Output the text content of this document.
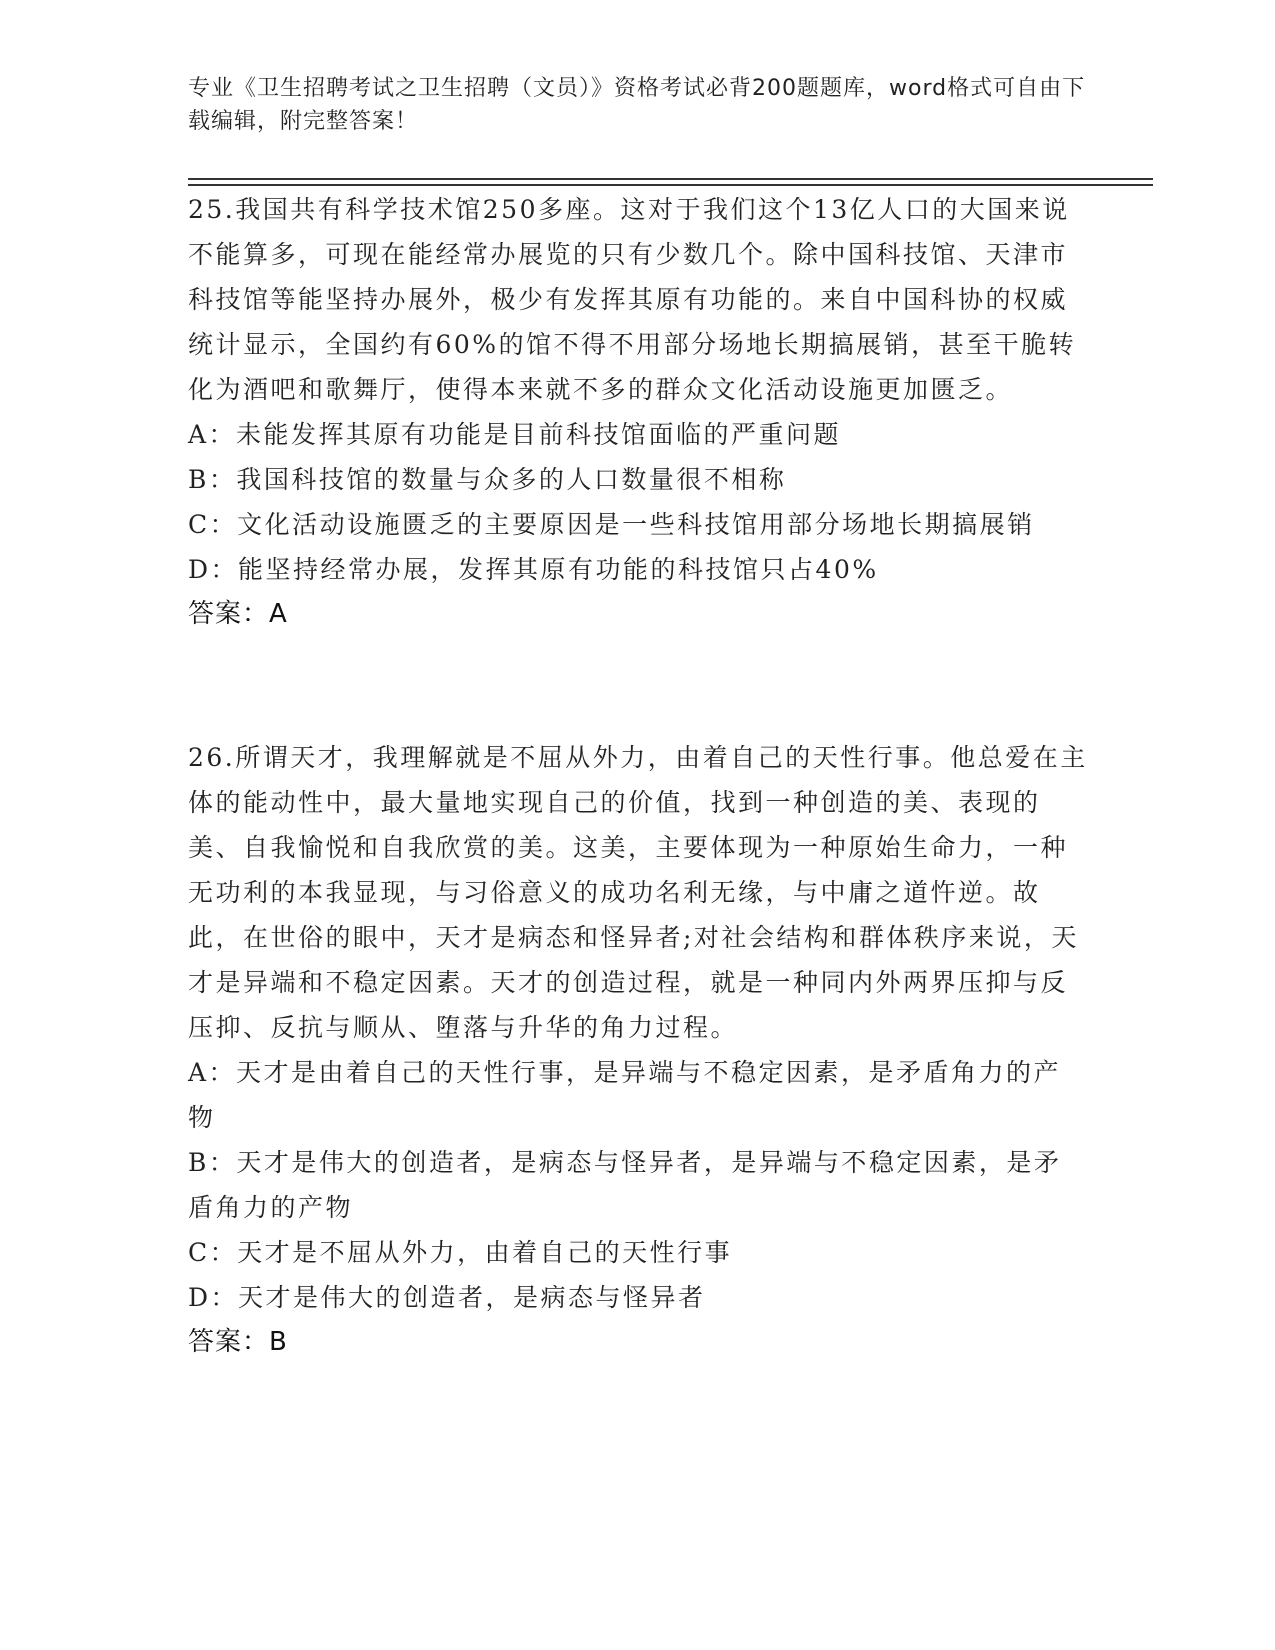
专业《卫生招聘考试之卫生招聘（文员）》资格考试必背200题题库，word格式可自由下载编辑，附完整答案！

25.我国共有科学技术馆250多座。这对于我们这个13亿人口的大国来说不能算多，可现在能经常办展览的只有少数几个。除中国科技馆、天津市科技馆等能坚持办展外，极少有发挥其原有功能的。来自中国科协的权威统计显示，全国约有60%的馆不得不用部分场地长期搞展销，甚至干脆转化为酒吧和歌舞厅，使得本来就不多的群众文化活动设施更加匮乏。

A：未能发挥其原有功能是目前科技馆面临的严重问题

B：我国科技馆的数量与众多的人口数量很不相称

C：文化活动设施匮乏的主要原因是一些科技馆用部分场地长期搞展销

D：能坚持经常办展，发挥其原有功能的科技馆只占40%

答案：A

26.所谓天才，我理解就是不屈从外力，由着自己的天性行事。他总爱在主体的能动性中，最大量地实现自己的价值，找到一种创造的美、表现的美、自我愉悦和自我欣赏的美。这美，主要体现为一种原始生命力，一种无功利的本我显现，与习俗意义的成功名利无缘，与中庸之道忤逆。故此，在世俗的眼中，天才是病态和怪异者;对社会结构和群体秩序来说，天才是异端和不稳定因素。天才的创造过程，就是一种同内外两界压抑与反压抑、反抗与顺从、堕落与升华的角力过程。

A：天才是由着自己的天性行事，是异端与不稳定因素，是矛盾角力的产物

B：天才是伟大的创造者，是病态与怪异者，是异端与不稳定因素，是矛盾角力的产物

C：天才是不屈从外力，由着自己的天性行事

D：天才是伟大的创造者，是病态与怪异者

答案：B
